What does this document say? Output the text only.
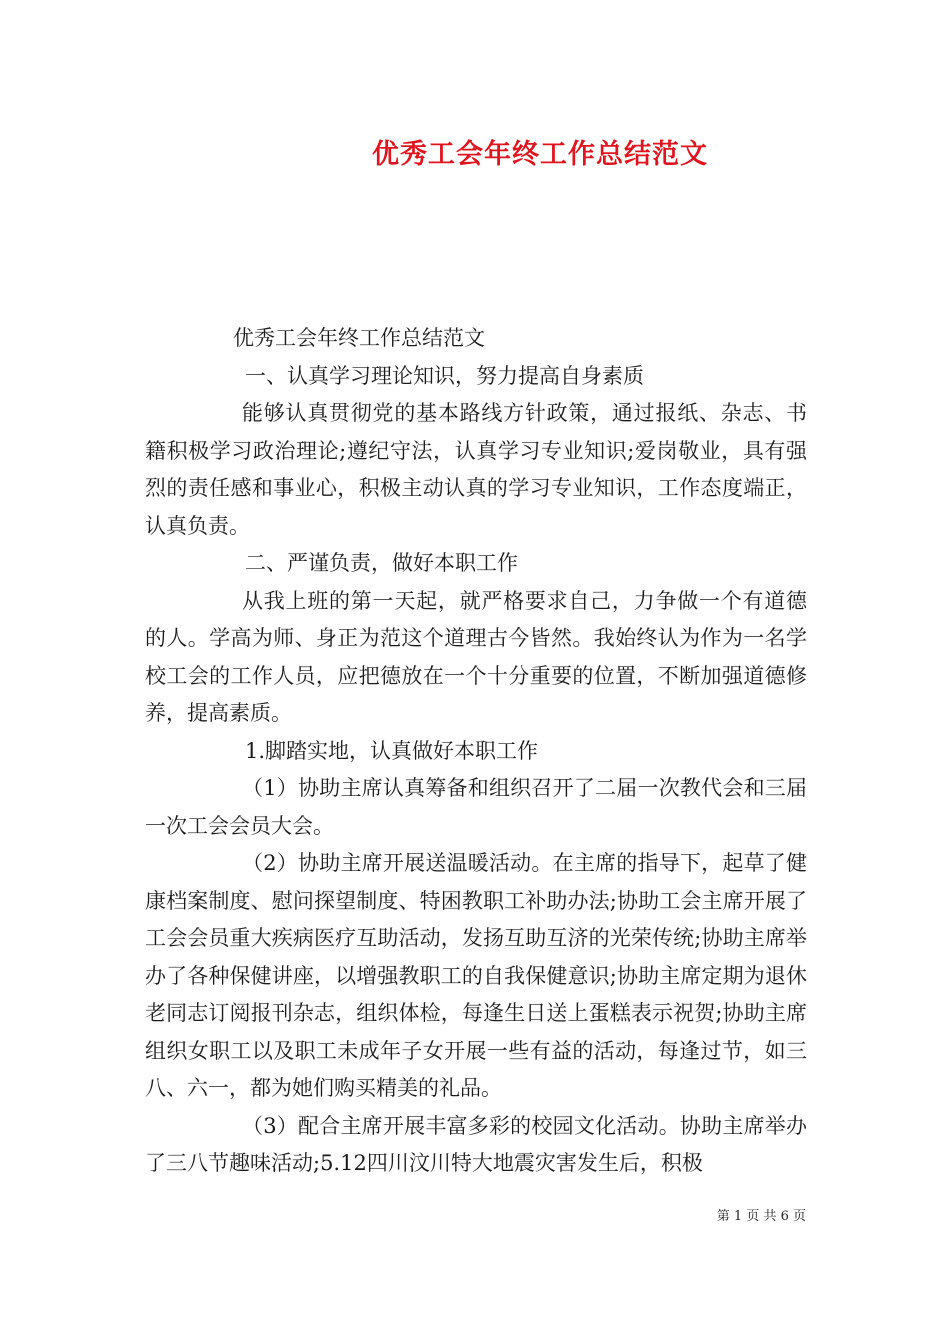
优秀工会年终工作总结范文

优秀工会年终工作总结范文

一、认真学习理论知识，努力提高自身素质

能够认真贯彻党的基本路线方针政策，通过报纸、杂志、书籍积极学习政治理论;遵纪守法，认真学习专业知识;爱岗敬业，具有强烈的责任感和事业心，积极主动认真的学习专业知识，工作态度端正，认真负责。

二、严谨负责，做好本职工作

从我上班的第一天起，就严格要求自己，力争做一个有道德的人。学高为师、身正为范这个道理古今皆然。我始终认为作为一名学校工会的工作人员，应把德放在一个十分重要的位置，不断加强道德修养，提高素质。

1.脚踏实地，认真做好本职工作

（1）协助主席认真筹备和组织召开了二届一次教代会和三届一次工会会员大会。

（2）协助主席开展送温暖活动。在主席的指导下，起草了健康档案制度、慰问探望制度、特困教职工补助办法;协助工会主席开展了工会会员重大疾病医疗互助活动，发扬互助互济的光荣传统;协助主席举办了各种保健讲座，以增强教职工的自我保健意识;协助主席定期为退休老同志订阅报刊杂志，组织体检，每逢生日送上蛋糕表示祝贺;协助主席组织女职工以及职工未成年子女开展一些有益的活动，每逢过节，如三八、六一，都为她们购买精美的礼品。

（3）配合主席开展丰富多彩的校园文化活动。协助主席举办了三八节趣味活动;5.12四川汶川特大地震灾害发生后，积极

第 1 页 共 6 页
